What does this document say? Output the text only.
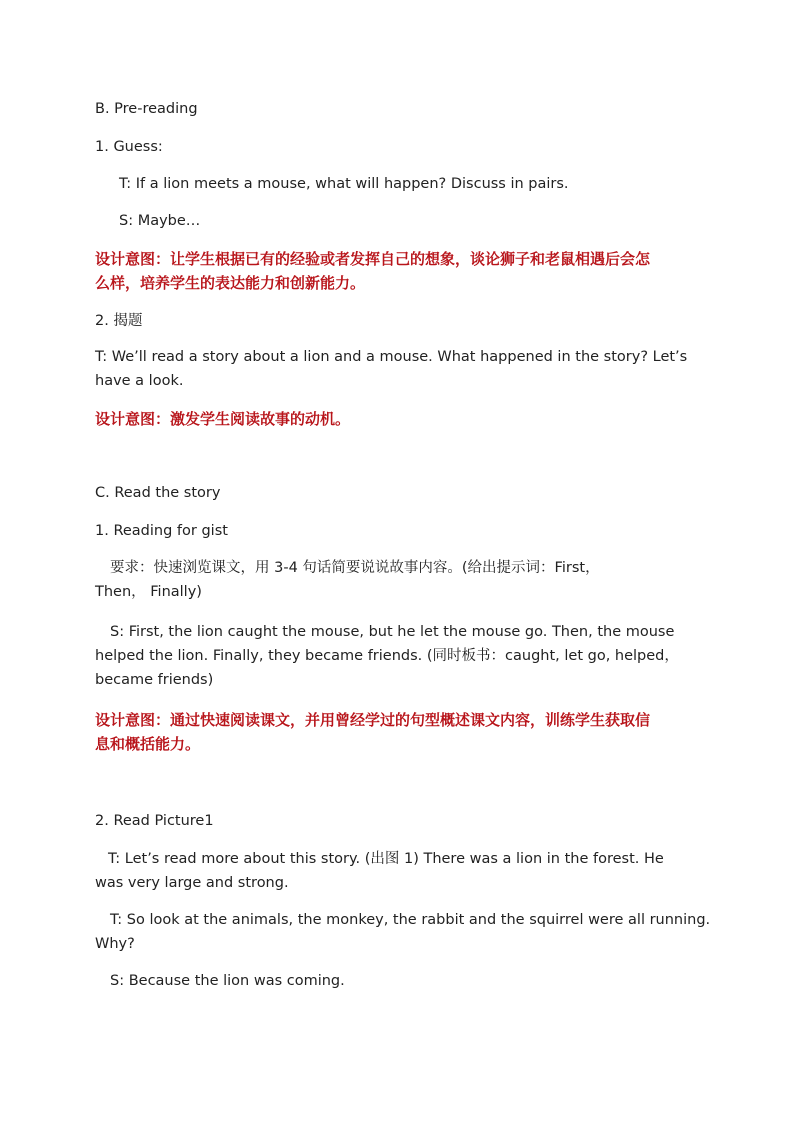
B. Pre-reading

1. Guess:

T: If a lion meets a mouse, what will happen? Discuss in pairs.

S: Maybe…

设计意图：让学生根据已有的经验或者发挥自己的想象，谈论狮子和老鼠相遇后会怎

么样，培养学生的表达能力和创新能力。

2. 揭题

T: We’ll read a story about a lion and a mouse. What happened in the story? Let’s

have a look.

设计意图：激发学生阅读故事的动机。

C. Read the story

1. Reading for gist

要求：快速浏览课文，用 3-4 句话简要说说故事内容。(给出提示词：First，

Then， Finally)

S: First, the lion caught the mouse, but he let the mouse go. Then, the mouse

helped the lion. Finally, they became friends. (同时板书：caught, let go, helped，

became friends)

设计意图：通过快速阅读课文，并用曾经学过的句型概述课文内容，训练学生获取信

息和概括能力。

2. Read Picture1

T: Let’s read more about this story. (出图 1) There was a lion in the forest. He

was very large and strong.

T: So look at the animals, the monkey, the rabbit and the squirrel were all running.

Why?

S: Because the lion was coming.
